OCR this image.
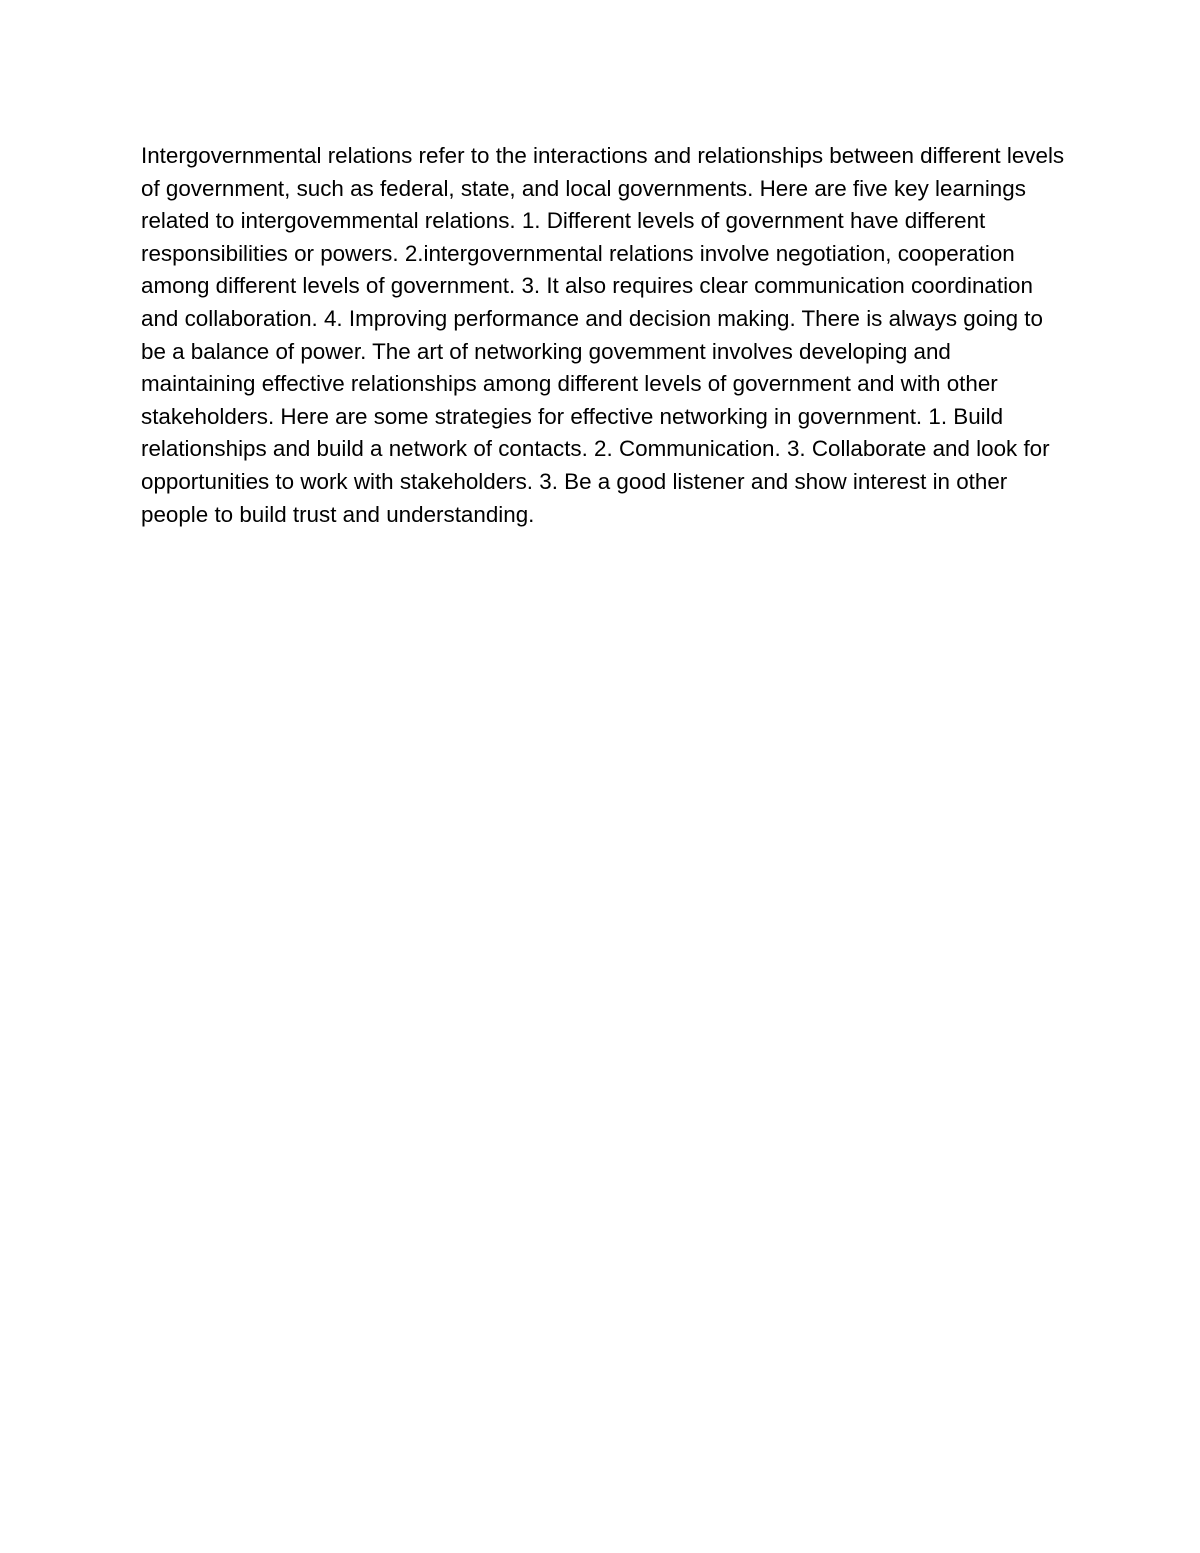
Intergovernmental relations refer to the interactions and relationships between different levels of government, such as federal, state, and local governments. Here are five key learnings related to intergovemmental relations. 1. Different levels of government have different responsibilities or powers. 2.intergovernmental relations involve negotiation, cooperation among different levels of government. 3. It also requires clear communication coordination and collaboration. 4. Improving performance and decision making. There is always going to be a balance of power. The art of networking govemment involves developing and maintaining effective relationships among different levels of government and with other stakeholders. Here are some strategies for effective networking in government. 1. Build relationships and build a network of contacts. 2. Communication. 3. Collaborate and look for opportunities to work with stakeholders. 3. Be a good listener and show interest in other people to build trust and understanding.
